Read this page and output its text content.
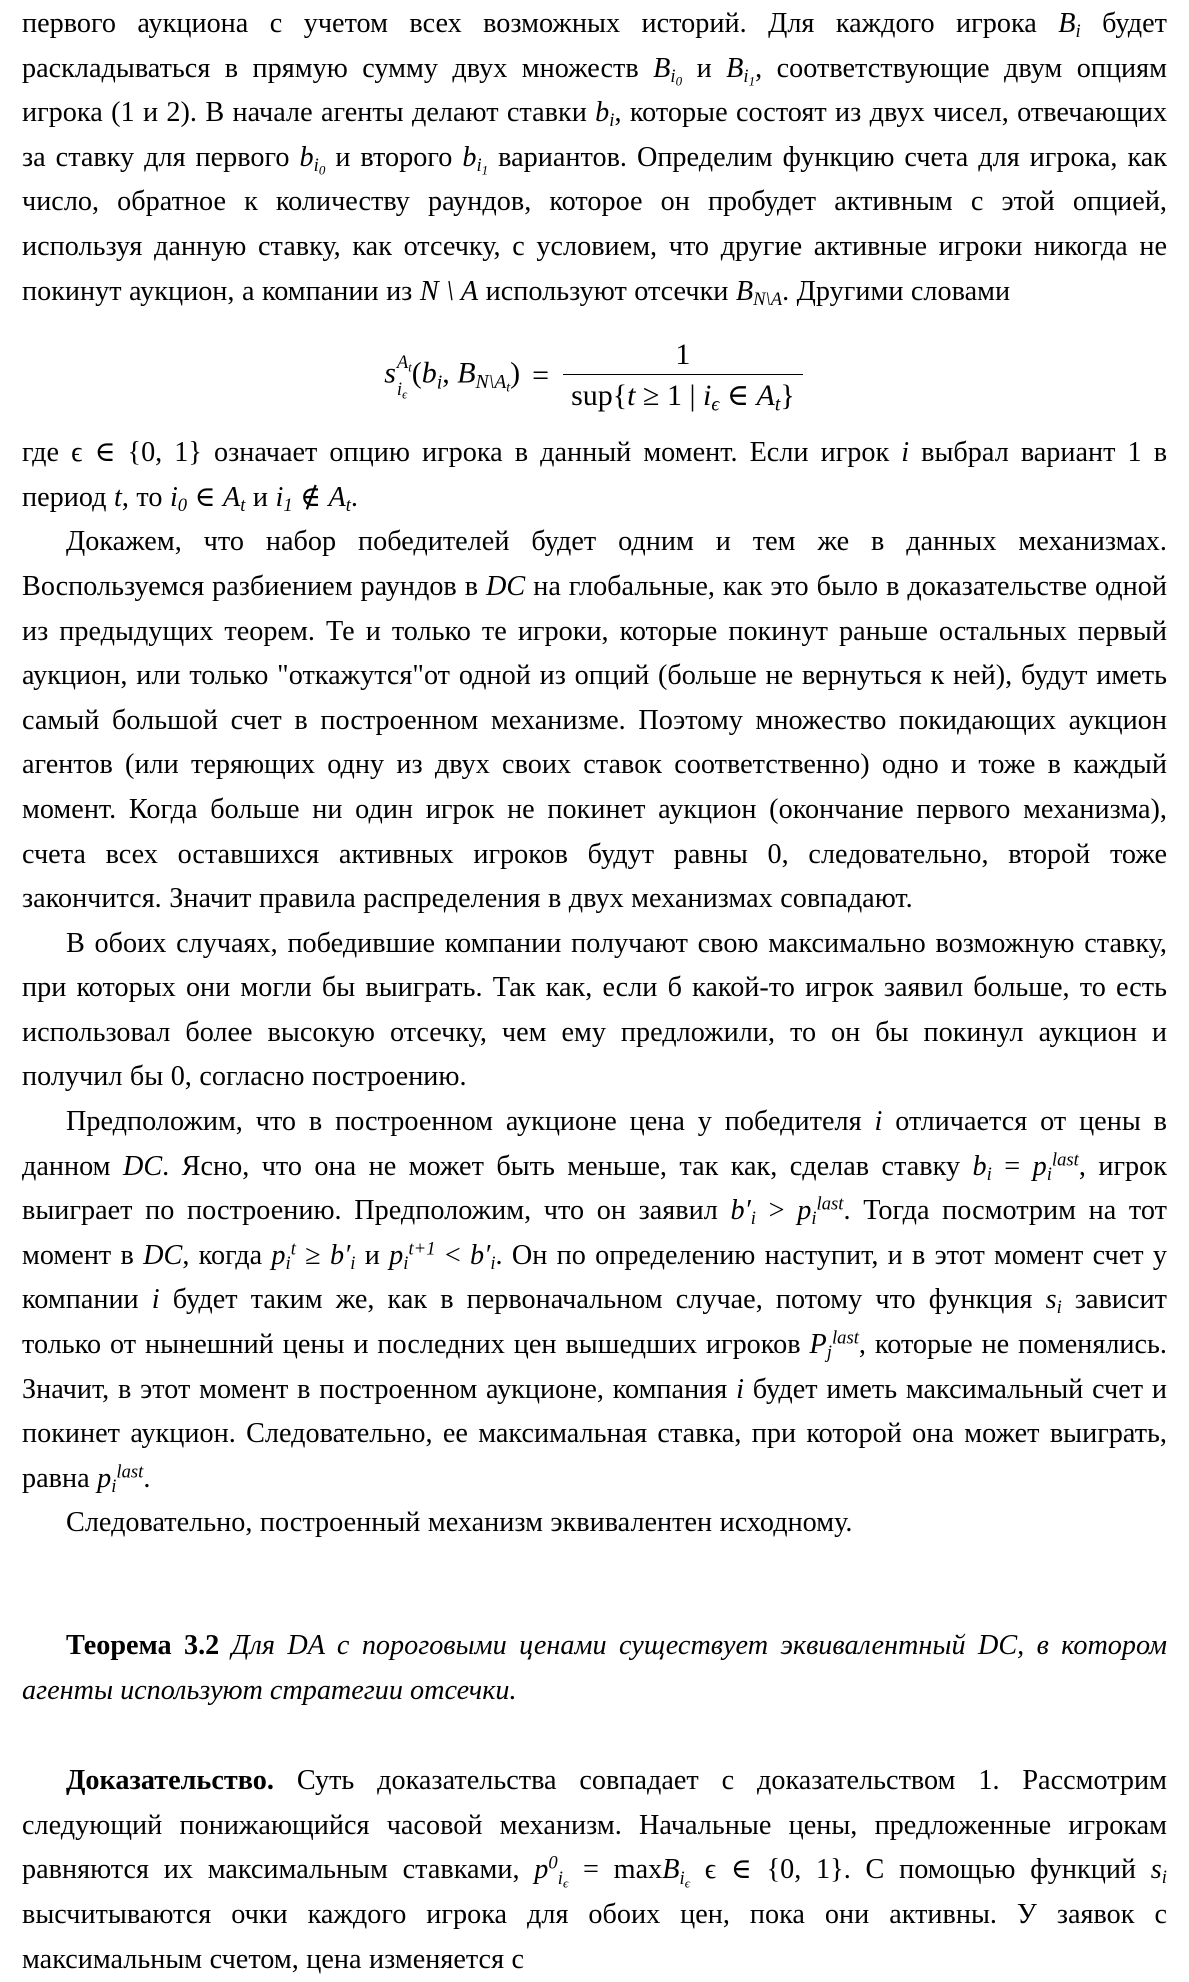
первого аукциона с учетом всех возможных историй. Для каждого игрока $B_i$ будет раскладываться в прямую сумму двух множеств $B_{i0}$ и $B_{i1}$, соответствующие двум опциям игрока (1 и 2). В начале агенты делают ставки $b_i$, которые состоят из двух чисел, отвечающих за ставку для первого $b_{i0}$ и второго $b_{i1}$ вариантов. Определим функцию счета для игрока, как число, обратное к количеству раундов, которое он пробудет активным с этой опцией, используя данную ставку, как отсечку, с условием, что другие активные игроки никогда не покинут аукцион, а компании из N \ A используют отсечки $B_{N\backslash A}$. Другими словами

s $A_t$
$i_\epsilon$
($b_i$, $B_{N\backslash At}) = \frac{1}{sup\{t \ge 1 | i_\epsilon \in A_t\}}$

где ϵ ∈ {0, 1} означает опцию игрока в данный момент. Если игрок i выбрал вариант 1 в период t, то $i_0$ ∈ $A_t$ и $i_1$ ∉ $A_t$.

Докажем, что набор победителей будет одним и тем же в данных механизмах. Воспользуемся разбиением раундов в DC на глобальные, как это было в доказательстве одной из предыдущих теорем. Те и только те игроки, которые покинут раньше остальных первый аукцион, или только "откажутся"от одной из опций (больше не вернуться к ней), будут иметь самый большой счет в построенном механизме. Поэтому множество покидающих аукцион агентов (или теряющих одну из двух своих ставок соответственно) одно и тоже в каждый момент. Когда больше ни один игрок не покинет аукцион (окончание первого механизма), счета всех оставшихся активных игроков будут равны 0, следовательно, второй тоже закончится. Значит правила распределения в двух механизмах совпадают.

В обоих случаях, победившие компании получают свою максимально возможную ставку, при которых они могли бы выиграть. Так как, если б какой-то игрок заявил больше, то есть использовал более высокую отсечку, чем ему предложили, то он бы покинул аукцион и получил бы 0, согласно построению.

Предположим, что в построенном аукционе цена у победителя i отличается от цены в данном DC. Ясно, что она не может быть меньше, так как, сделав ставку $b_i = p_i^{last}$, игрок выиграет по построению. Предположим, что он заявил $b'_i > p_i^{last}$. Тогда посмотрим на тот момент в DC, когда $p_i^t \ge b'_i$ и $p_i^{t+1} < b'_i$. Он по определению наступит, и в этот момент счет у компании i будет таким же, как в первоначальном случае, потому что функция $s_i$ зависит только от нынешний цены и последних цен вышедших игроков $P_j^{last}$, которые не поменялись. Значит, в этот момент в построенном аукционе, компания i будет иметь максимальный счет и покинет аукцион. Следовательно, ее максимальная ставка, при которой она может выиграть, равна $p_i^{last}$.

Следовательно, построенный механизм эквивалентен исходному.

Теорема 3.2 Для DA с пороговыми ценами существует эквивалентный DC, в котором агенты используют стратегии отсечки.

Доказательство. Суть доказательства совпадает с доказательством 1. Рассмотрим следующий понижающийся часовой механизм. Начальные цены, предложенные игрокам равняются их максимальным ставками, $p^0_{i\epsilon} = \max B_{i\epsilon}$ ϵ ∈ {0, 1}. С помощью функций $s_i$ высчитываются очки каждого игрока для обоих цен, пока они активны. У заявок с максимальным счетом, цена изменяется с
